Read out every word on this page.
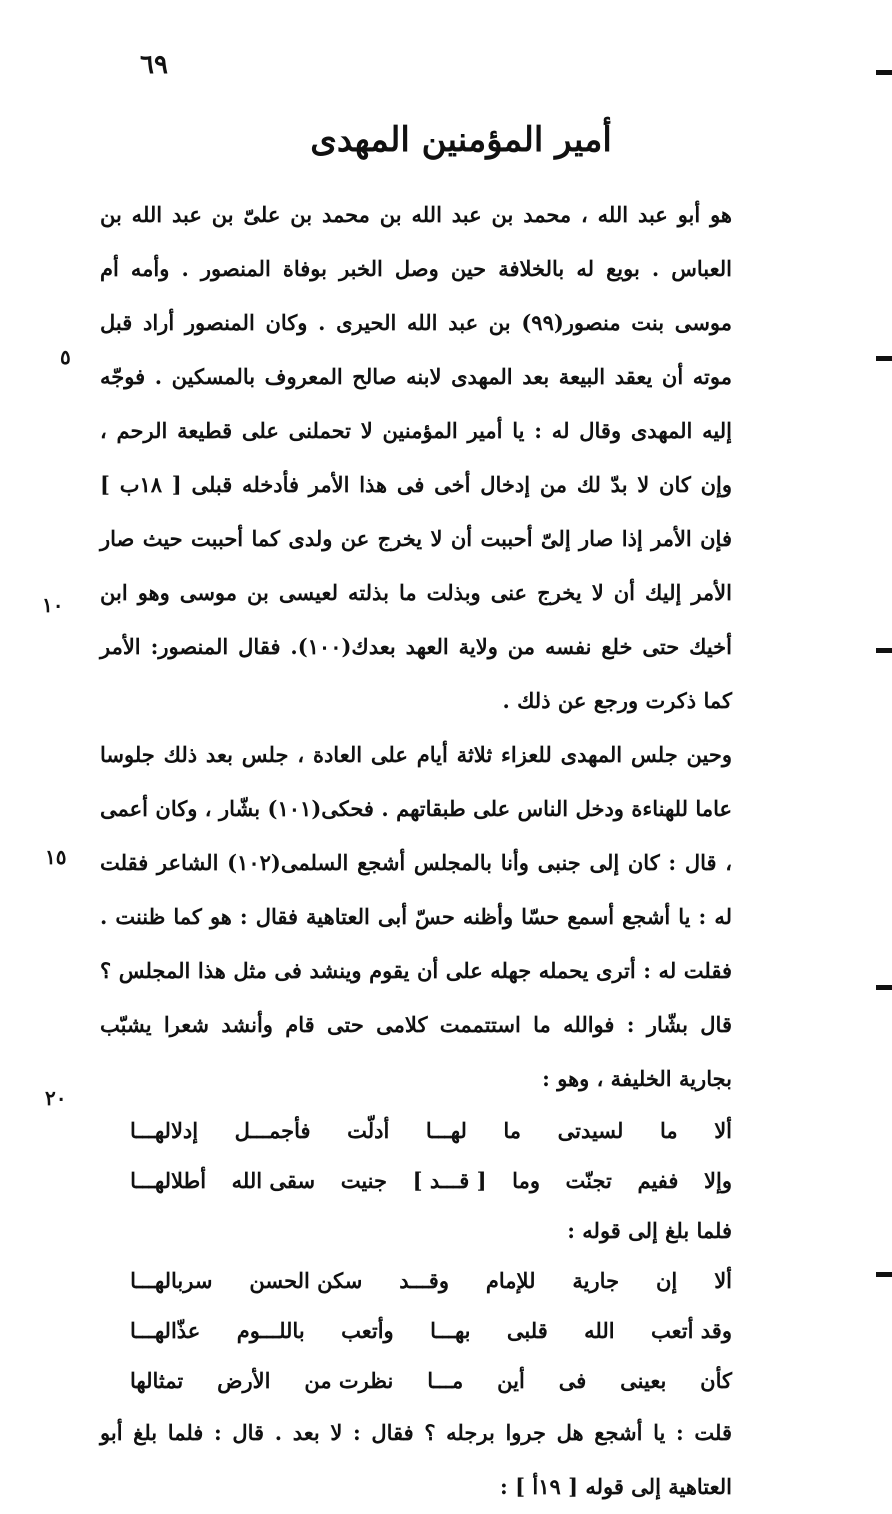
٦٩
أمير المؤمنين المهدى
٥
١٠
١٥
٢٠

هو أبو عبد الله ، محمد بن عبد الله بن محمد بن علىّ بن عبد الله بن العباس . بويع له بالخلافة حين وصل الخبر بوفاة المنصور . وأمه أم موسى بنت منصور(٩٩) بن عبد الله الحيرى . وكان المنصور أراد قبل موته أن يعقد البيعة بعد المهدى لابنه صالح المعروف بالمسكين . فوجّه إليه المهدى وقال له : يا أمير المؤمنين لا تحملنى على قطيعة الرحم ، وإن كان لا بدّ لك من إدخال أخى فى هذا الأمر فأدخله قبلى [ ١٨ب ] فإن الأمر إذا صار إلىّ أحببت أن لا يخرج عن ولدى كما أحببت حيث صار الأمر إليك أن لا يخرج عنى وبذلت ما بذلته لعيسى بن موسى وهو ابن أخيك حتى خلع نفسه من ولاية العهد بعدك(١٠٠). فقال المنصور: الأمر كما ذكرت ورجع عن ذلك .

وحين جلس المهدى للعزاء ثلاثة أيام على العادة ، جلس بعد ذلك جلوسا عاما للهناءة ودخل الناس على طبقاتهم . فحكى(١٠١) بشّار ، وكان أعمى ، قال : كان إلى جنبى وأنا بالمجلس أشجع السلمى(١٠٢) الشاعر فقلت له : يا أشجع أسمع حسّا وأظنه حسّ أبى العتاهية فقال : هو كما ظننت . فقلت له : أترى يحمله جهله على أن يقوم وينشد فى مثل هذا المجلس ؟ قال بشّار : فوالله ما استتممت كلامى حتى قام وأنشد شعرا يشبّب بجارية الخليفة ، وهو :

ألا
ما
لسيدتى
ما
لهـــا
أدلّت
فأجمـــل
إدلالهـــا
وإلا
ففيم
تجنّت
وما
[ قـــد ]
جنيت
سقى الله
أطلالهـــا

فلما بلغ إلى قوله :

ألا
إن
جارية
للإمام
وقـــد
سكن الحسن
سربالهـــا
وقد أتعب
الله
قلبى
بهـــا
وأتعب
باللـــوم
عذّالهـــا
كأن
بعينى
فى
أين
مـــا
نظرت من
الأرض
تمثالها

قلت : يا أشجع هل جروا برجله ؟ فقال : لا بعد . قال : فلما بلغ أبو العتاهية إلى قوله [ ١٩أ ] :
